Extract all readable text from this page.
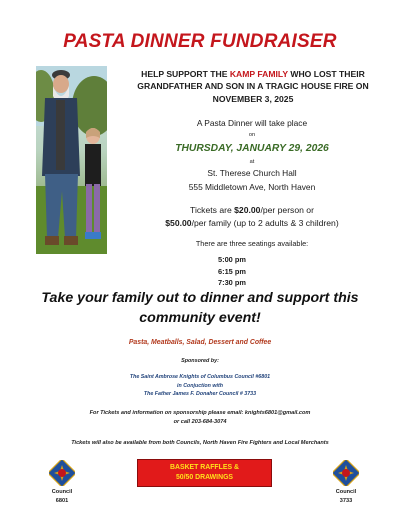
PASTA DINNER FUNDRAISER
HELP SUPPORT THE KAMP FAMILY WHO LOST THEIR GRANDFATHER AND SON IN A TRAGIC HOUSE FIRE ON NOVEMBER 3, 2025
A Pasta Dinner will take place
on
THURSDAY, JANUARY 29, 2026
at
St. Therese Church Hall
555 Middletown Ave, North Haven
Tickets are $20.00/per person or
$50.00/per family (up to 2 adults & 3 children)
There are three seatings available:
5:00 pm
6:15 pm
7:30 pm
Take your family out to dinner and support this
community event!
Pasta, Meatballs, Salad, Dessert and Coffee
Sponsored by:
The Saint Ambrose Knights of Columbus Council #6801
in Conjuction with
The Father James F. Donaher Council # 3733
For Tickets and information on sponsorship please email: knights6801@gmail.com
or call 203-684-3074
Tickets will also be available from both Councils, North Haven Fire Fighters and Local Merchants
BASKET RAFFLES &
50/50 DRAWINGS
Council
6801
Council
3733
